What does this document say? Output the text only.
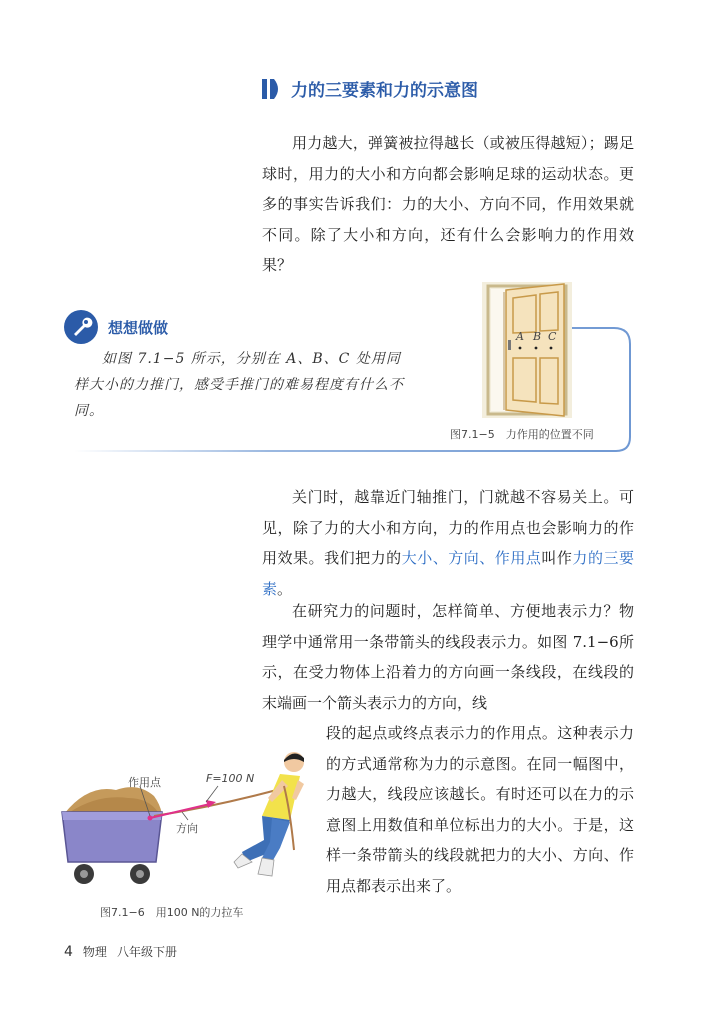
力的三要素和力的示意图

用力越大，弹簧被拉得越长（或被压得越短）；踢足球时，用力的大小和方向都会影响足球的运动状态。更多的事实告诉我们：力的大小、方向不同，作用效果就不同。除了大小和方向，还有什么会影响力的作用效果？

想想做做

如图 7.1−5 所示，分别在 A、B、C 处用同样大小的力推门，感受手推门的难易程度有什么不同。

A B C
图7.1−5　力作用的位置不同

关门时，越靠近门轴推门，门就越不容易关上。可见，除了力的大小和方向，力的作用点也会影响力的作用效果。我们把力的大小、方向、作用点叫作力的三要素。

在研究力的问题时，怎样简单、方便地表示力？物理学中通常用一条带箭头的线段表示力。如图 7.1−6所示，在受力物体上沿着力的方向画一条线段，在线段的末端画一个箭头表示力的方向，线

段的起点或终点表示力的作用点。这种表示力的方式通常称为力的示意图。在同一幅图中，力越大，线段应该越长。有时还可以在力的示意图上用数值和单位标出力的大小。于是，这样一条带箭头的线段就把力的大小、方向、作用点都表示出来了。

作用点	F=100 N
方向
图7.1−6　用100 N的力拉车
4 物理 八年级下册
